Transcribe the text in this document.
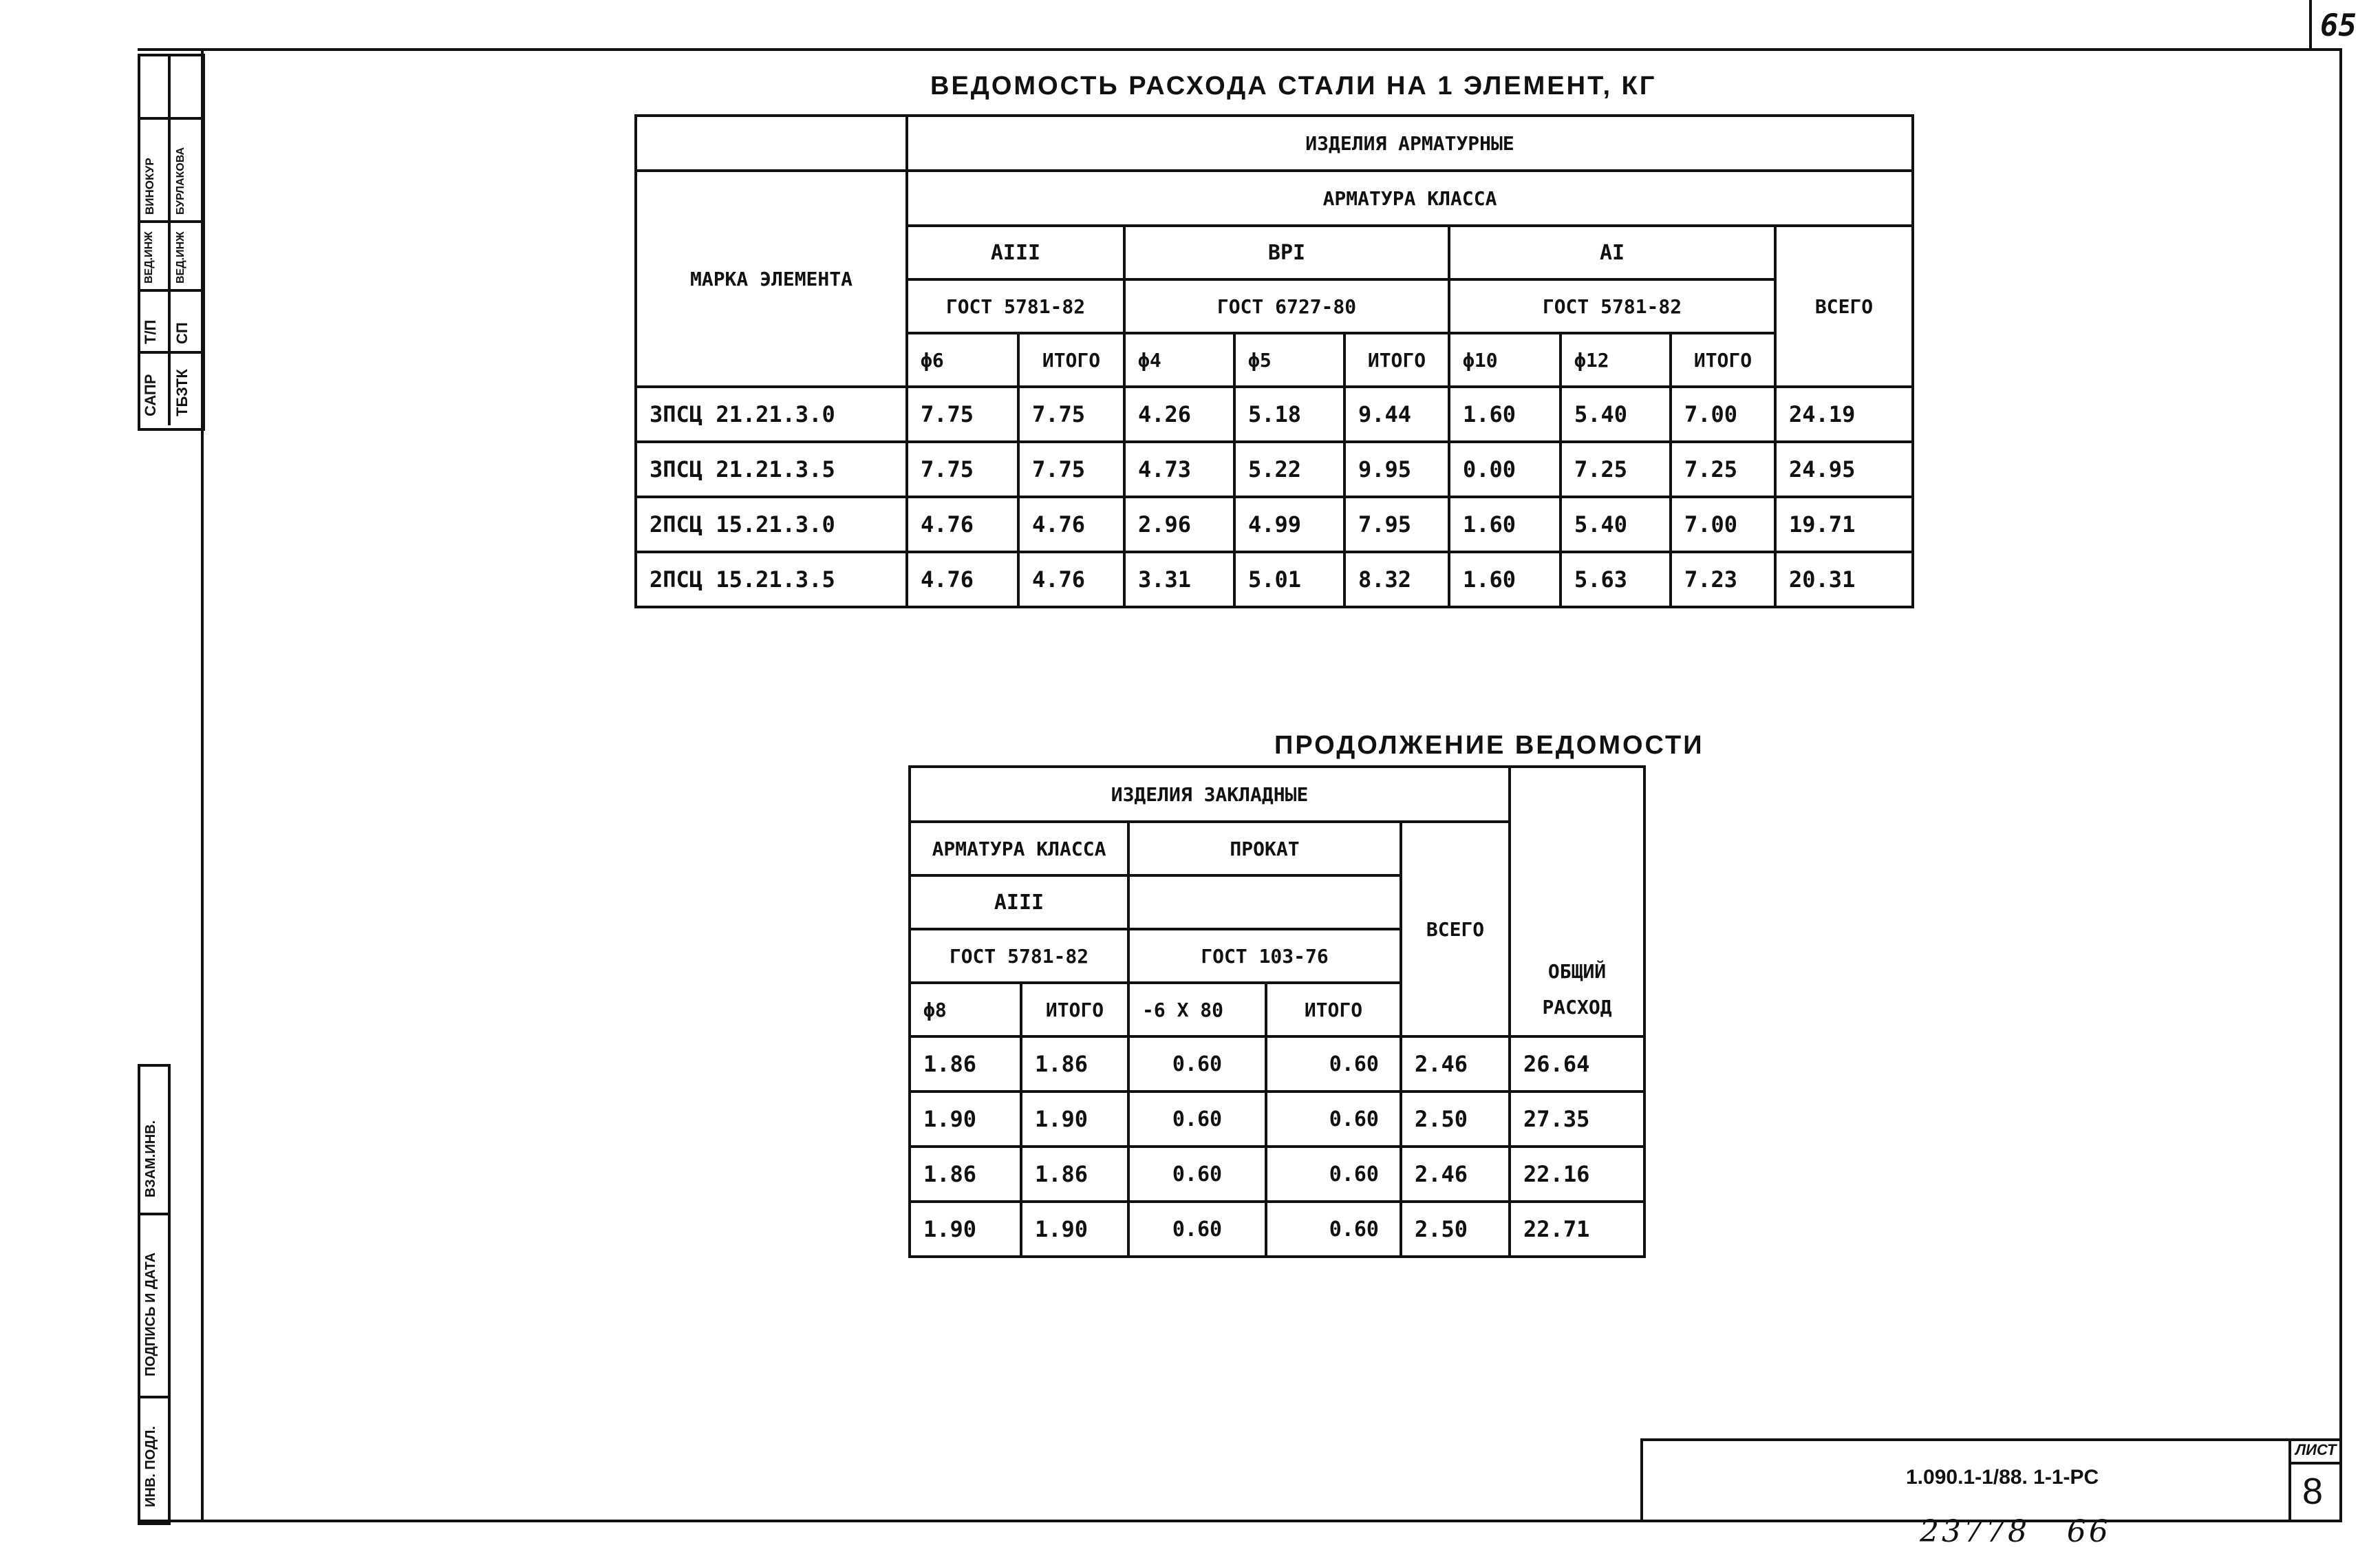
65
САПР
Т/П
ВЕД.ИНЖ
ВИНОКУР
ТБЗТК
СП
ВЕД.ИНЖ
БУРЛАКОВА
ИНВ. ПОДЛ.
ПОДПИСЬ И ДАТА
ВЗАМ.ИНВ.
ВЕДОМОСТЬ РАСХОДА СТАЛИ НА 1 ЭЛЕМЕНТ, КГ
	ИЗДЕЛИЯ АРМАТУРНЫЕ								
МАРКА ЭЛЕМЕНТА	АРМАТУРА КЛАССА								
	АIII		ВРI			АI			ВСЕГО
	ГОСТ 5781-82		ГОСТ 6727-80			ГОСТ 5781-82			
	ϕ6	ИТОГО	ϕ4	ϕ5	ИТОГО	ϕ10	ϕ12	ИТОГО	
ЗПСЦ 21.21.3.0	7.75	7.75	4.26	5.18	9.44	1.60	5.40	7.00	24.19
ЗПСЦ 21.21.3.5	7.75	7.75	4.73	5.22	9.95	0.00	7.25	7.25	24.95
2ПСЦ 15.21.3.0	4.76	4.76	2.96	4.99	7.95	1.60	5.40	7.00	19.71
2ПСЦ 15.21.3.5	4.76	4.76	3.31	5.01	8.32	1.60	5.63	7.23	20.31
ПРОДОЛЖЕНИЕ ВЕДОМОСТИ
ИЗДЕЛИЯ ЗАКЛАДНЫЕ					ОБЩИЙ
РАСХОД

АРМАТУРА КЛАССА		ПРОКАТ		ВСЕГО	
АIII					
ГОСТ 5781-82		ГОСТ 103-76			
ϕ8	ИТОГО	-6 Х 80	ИТОГО		
1.86	1.86	0.60	0.60	2.46	26.64
1.90	1.90	0.60	0.60	2.50	27.35
1.86	1.86	0.60	0.60	2.46	22.16
1.90	1.90	0.60	0.60	2.50	22.71
1.090.1-1/88. 1-1-PC
ЛИСТ
8
23778   66
